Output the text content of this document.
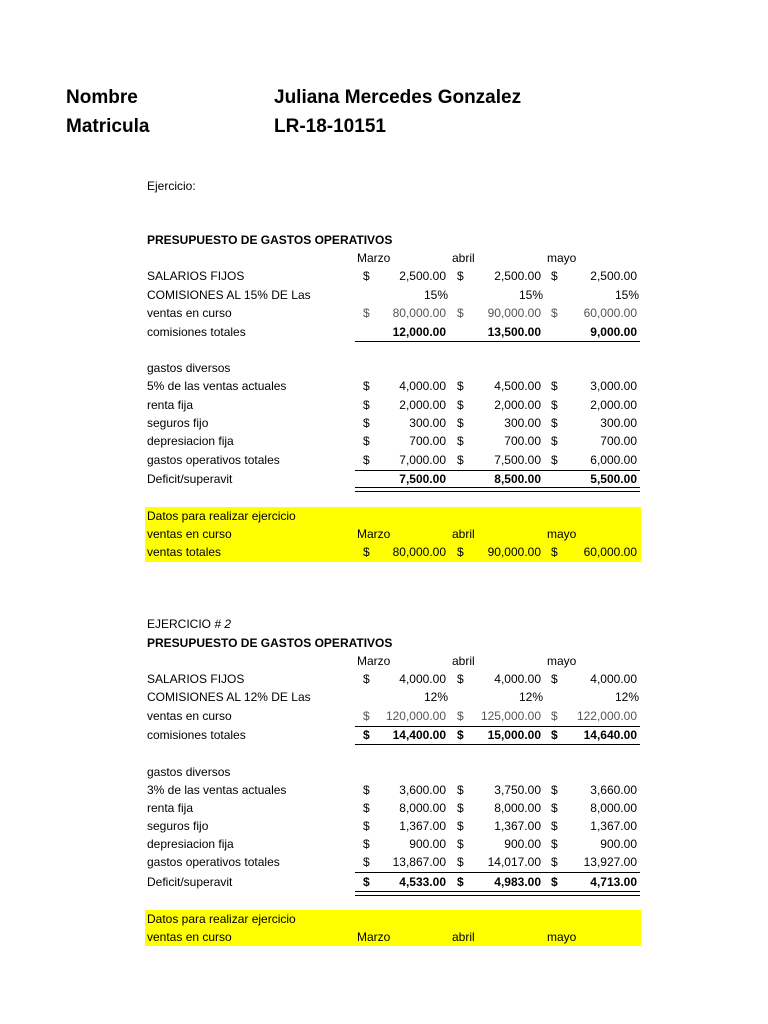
Nombre	Juliana Mercedes Gonzalez
Matricula	LR-18-10151
Ejercicio:
PRESUPUESTO DE GASTOS OPERATIVOS
Marzo	abril	mayo
SALARIOS FIJOS	$	2,500.00 $	2,500.00 $	2,500.00
COMISIONES AL 15% DE Las	15%	15%	15%
ventas en curso	$	80,000.00 $	90,000.00 $	60,000.00
comisiones totales	12,000.00	13,500.00	9,000.00
gastos diversos
5% de las ventas actuales	$	4,000.00 $	4,500.00 $	3,000.00
renta fija	$	2,000.00 $	2,000.00 $	2,000.00
seguros fijo	$	300.00 $	300.00 $	300.00
depresiacion fija	$	700.00 $	700.00 $	700.00
gastos operativos totales	$	7,000.00 $	7,500.00 $	6,000.00
Deficit/superavit	7,500.00	8,500.00	5,500.00
Datos para realizar ejercicio
ventas en curso	Marzo	abril	mayo
ventas totales	$	80,000.00 $	90,000.00 $	60,000.00
EJERCICIO # 2
PRESUPUESTO DE GASTOS OPERATIVOS
Marzo	abril	mayo
SALARIOS FIJOS	$	4,000.00 $	4,000.00 $	4,000.00
COMISIONES AL 12% DE Las	12%	12%	12%
ventas en curso	$	120,000.00 $	125,000.00 $	122,000.00
comisiones totales	$	14,400.00 $	15,000.00 $	14,640.00
gastos diversos
3% de las ventas actuales	$	3,600.00 $	3,750.00 $	3,660.00
renta fija	$	8,000.00 $	8,000.00 $	8,000.00
seguros fijo	$	1,367.00 $	1,367.00 $	1,367.00
depresiacion fija	$	900.00 $	900.00 $	900.00
gastos operativos totales	$	13,867.00 $	14,017.00 $	13,927.00
Deficit/superavit	$	4,533.00 $	4,983.00 $	4,713.00
Datos para realizar ejercicio
ventas en curso	Marzo	abril	mayo
